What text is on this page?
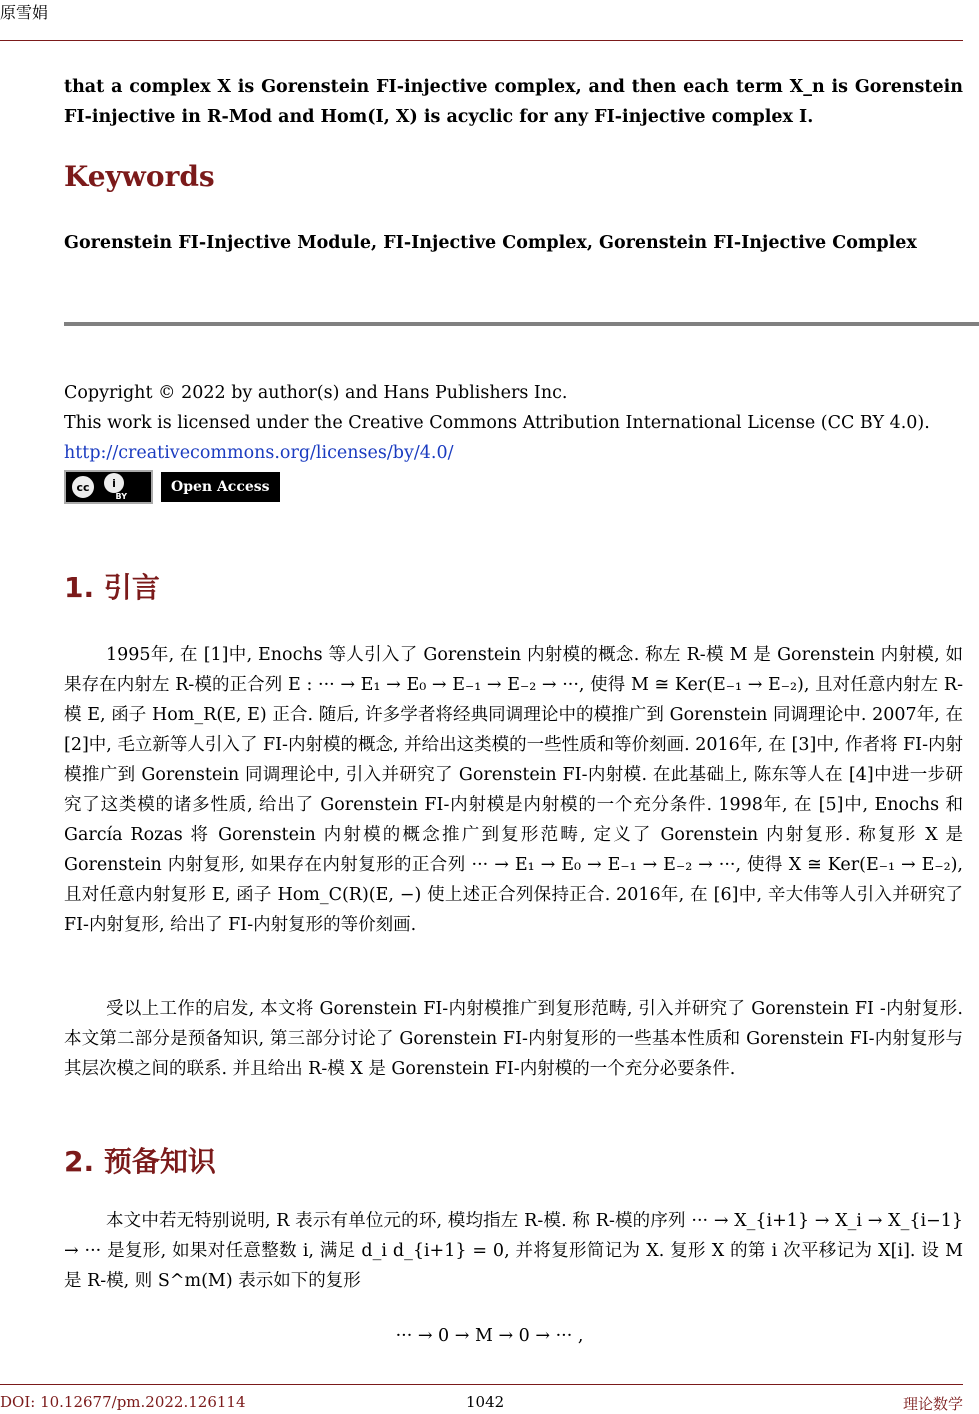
原雪娟

that a complex X is Gorenstein FI-injective complex, and then each term X_n is Gorenstein FI-injective in R-Mod and Hom(I, X) is acyclic for any FI-injective complex I.

Keywords

Gorenstein FI-Injective Module, FI-Injective Complex, Gorenstein FI-Injective Complex

Copyright © 2022 by author(s) and Hans Publishers Inc.
This work is licensed under the Creative Commons Attribution International License (CC BY 4.0).
http://creativecommons.org/licenses/by/4.0/
cc	i
BY
Open Access
1. 引言

1995年, 在 [1]中, Enochs 等人引入了 Gorenstein 内射模的概念. 称左 R-模 M 是 Gorenstein 内射模, 如果存在内射左 R-模的正合列 E : ··· → E₁ → E₀ → E₋₁ → E₋₂ → ···, 使得 M ≅ Ker(E₋₁ → E₋₂), 且对任意内射左 R-模 E, 函子 Hom_R(E, E) 正合. 随后, 许多学者将经典同调理论中的模推广到 Gorenstein 同调理论中. 2007年, 在 [2]中, 毛立新等人引入了 FI-内射模的概念, 并给出这类模的一些性质和等价刻画. 2016年, 在 [3]中, 作者将 FI-内射模推广到 Gorenstein 同调理论中, 引入并研究了 Gorenstein FI-内射模. 在此基础上, 陈东等人在 [4]中进一步研究了这类模的诸多性质, 给出了 Gorenstein FI-内射模是内射模的一个充分条件. 1998年, 在 [5]中, Enochs 和 García Rozas 将 Gorenstein 内射模的概念推广到复形范畴, 定义了 Gorenstein 内射复形. 称复形 X 是 Gorenstein 内射复形, 如果存在内射复形的正合列 ··· → E₁ → E₀ → E₋₁ → E₋₂ → ···, 使得 X ≅ Ker(E₋₁ → E₋₂), 且对任意内射复形 E, 函子 Hom_C(R)(E, −) 使上述正合列保持正合. 2016年, 在 [6]中, 辛大伟等人引入并研究了 FI-内射复形, 给出了 FI-内射复形的等价刻画.

受以上工作的启发, 本文将 Gorenstein FI-内射模推广到复形范畴, 引入并研究了 Gorenstein FI -内射复形. 本文第二部分是预备知识, 第三部分讨论了 Gorenstein FI-内射复形的一些基本性质和 Gorenstein FI-内射复形与其层次模之间的联系. 并且给出 R-模 X 是 Gorenstein FI-内射模的一个充分必要条件.

2. 预备知识

本文中若无特别说明, R 表示有单位元的环, 模均指左 R-模. 称 R-模的序列 ··· → X_{i+1} → X_i → X_{i−1} → ··· 是复形, 如果对任意整数 i, 满足 d_i d_{i+1} = 0, 并将复形简记为 X. 复形 X 的第 i 次平移记为 X[i]. 设 M 是 R-模, 则 S^m(M) 表示如下的复形

··· → 0 → M → 0 → ··· ,
DOI: 10.12677/pm.2022.126114	1042	理论数学
